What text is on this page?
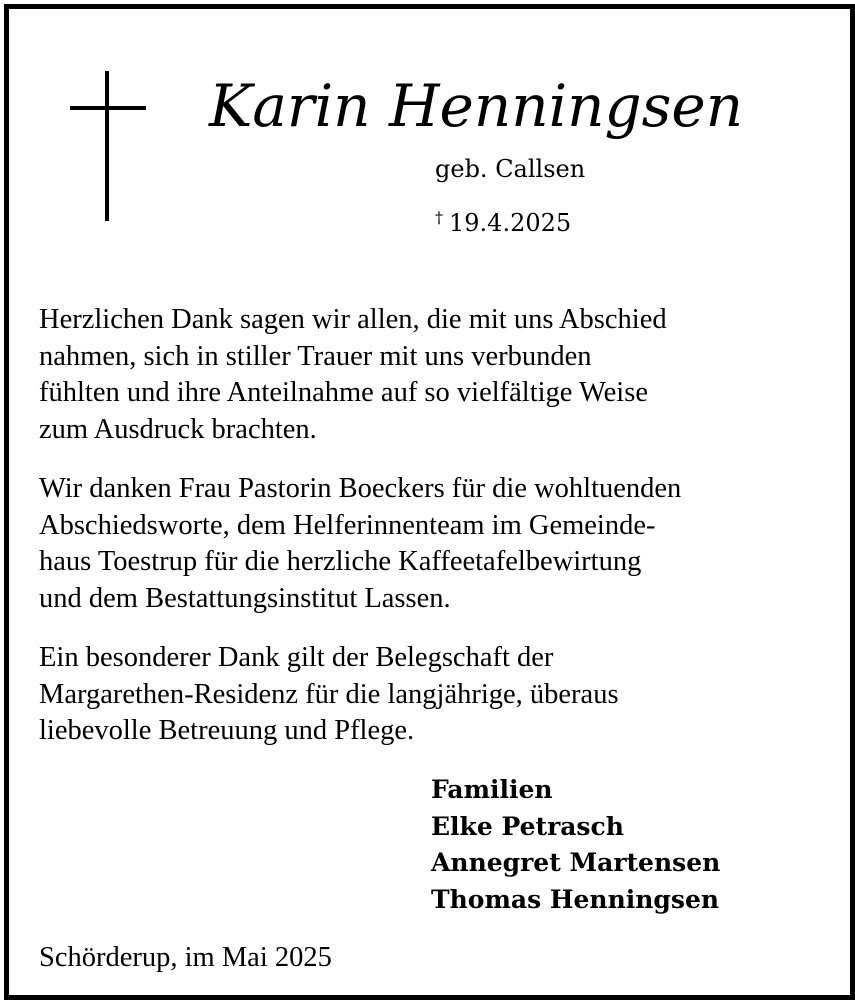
Karin Henningsen
geb. Callsen
† 19.4.2025
Herzlichen Dank sagen wir allen, die mit uns Abschied
nahmen, sich in stiller Trauer mit uns verbunden
fühlten und ihre Anteilnahme auf so vielfältige Weise
zum Ausdruck brachten.
Wir danken Frau Pastorin Boeckers für die wohltuenden
Abschiedsworte, dem Helferinnenteam im Gemeinde-
haus Toestrup für die herzliche Kaffeetafelbewirtung
und dem Bestattungsinstitut Lassen.
Ein besonderer Dank gilt der Belegschaft der
Margarethen-Residenz für die langjährige, überaus
liebevolle Betreuung und Pflege.
Familien
Elke Petrasch
Annegret Martensen
Thomas Henningsen
Schörderup, im Mai 2025
